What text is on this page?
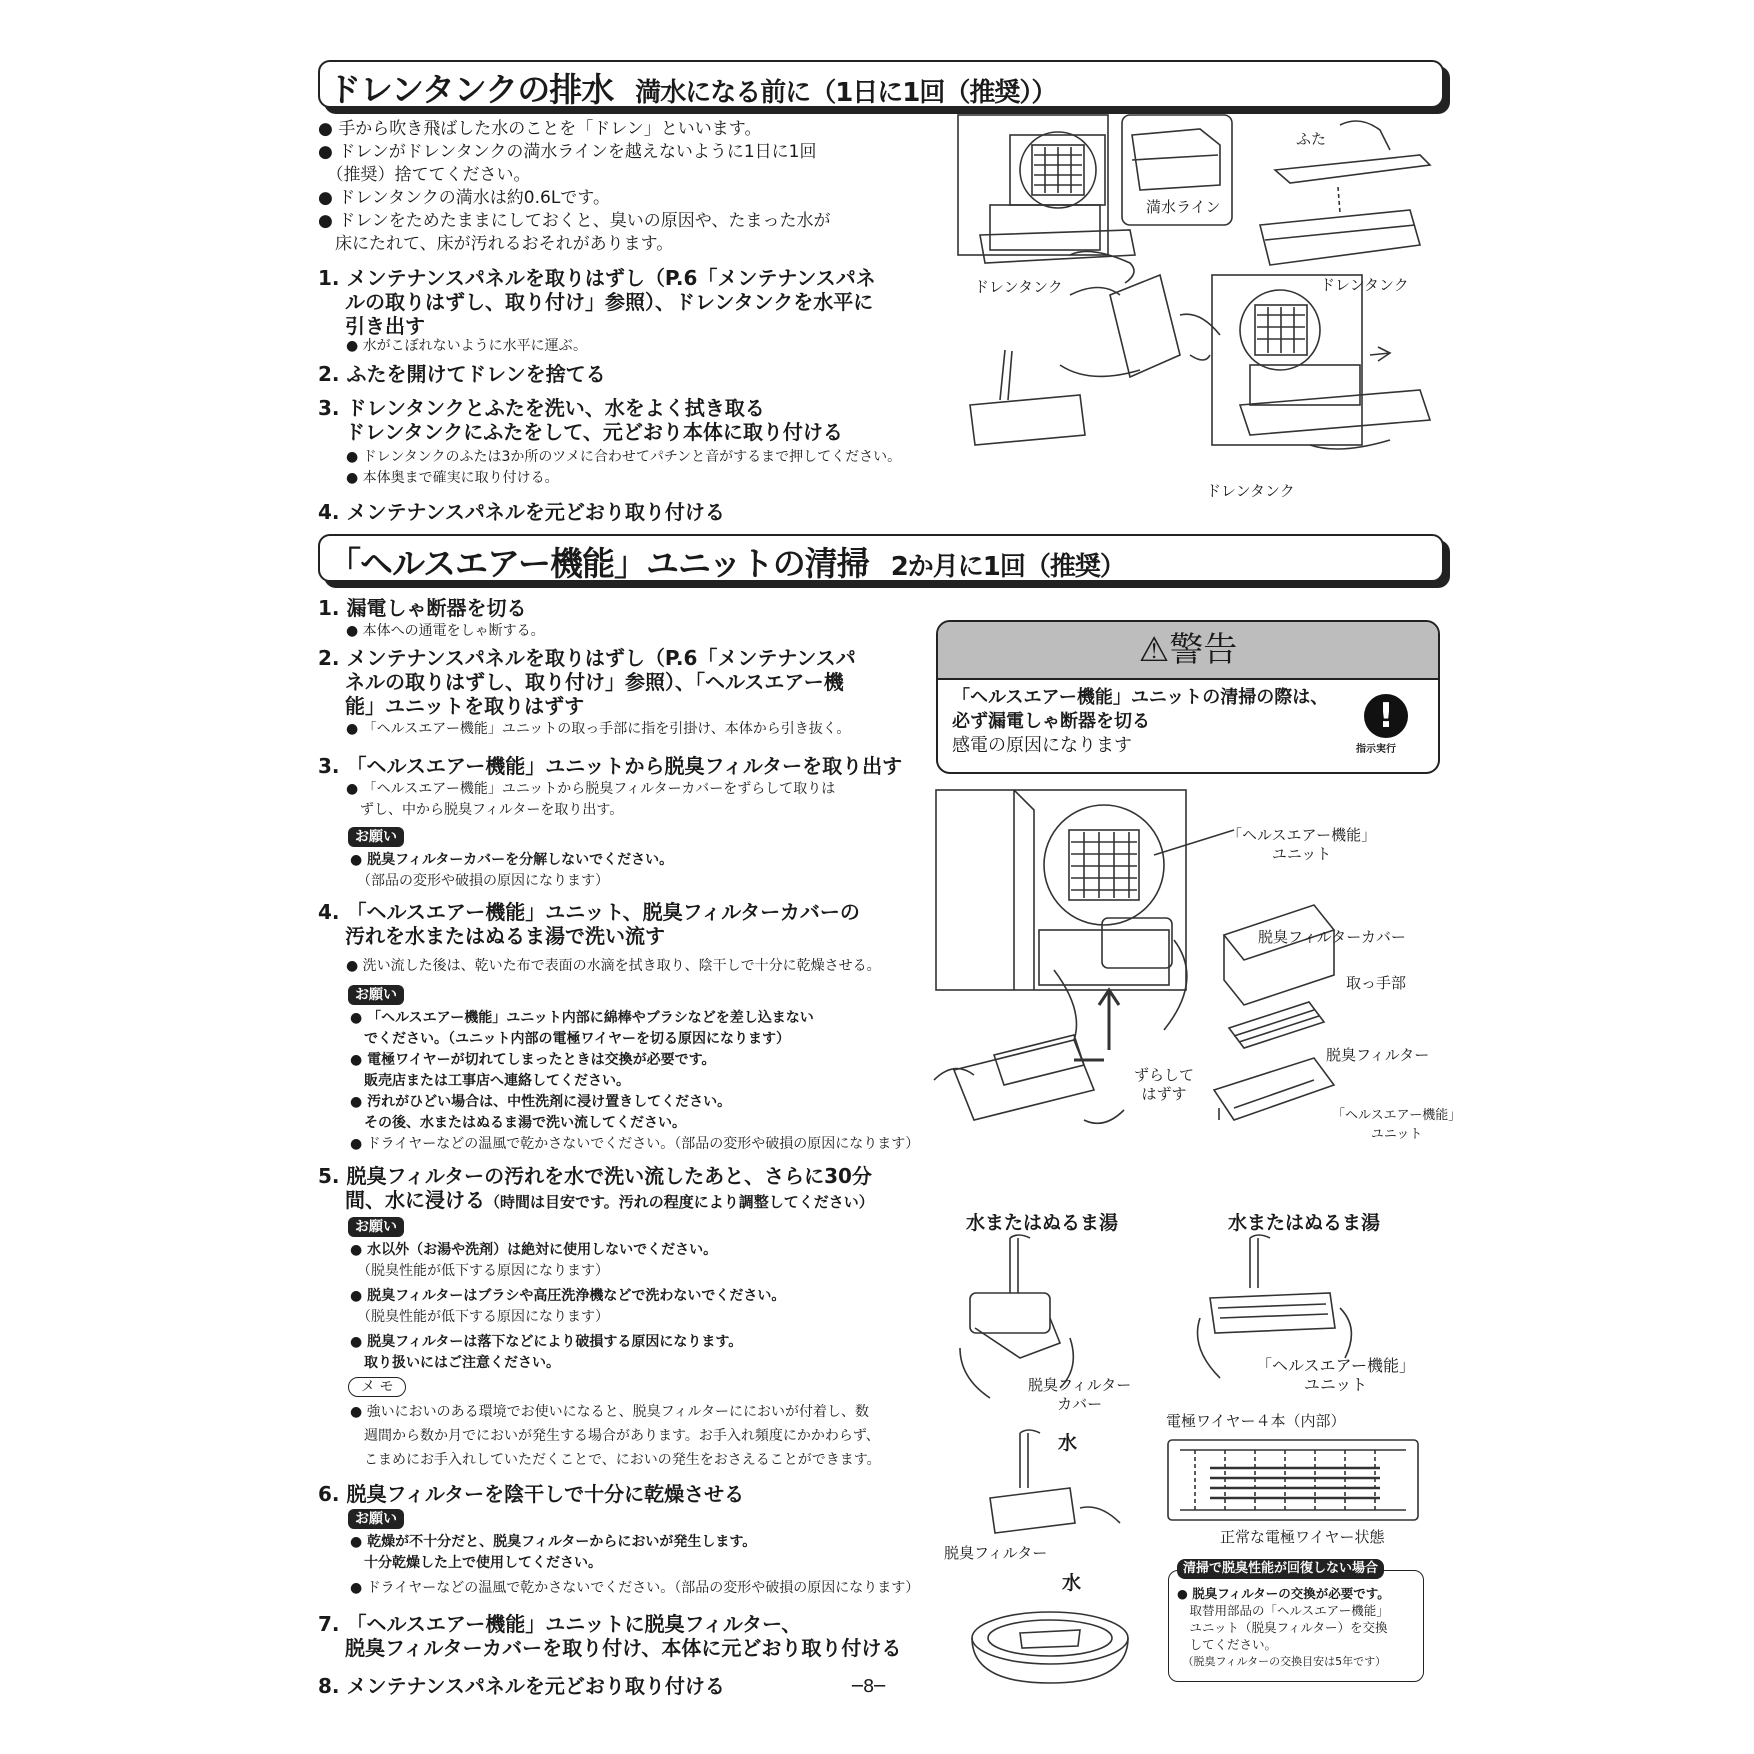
ドレンタンクの排水 満水になる前に（1日に1回（推奨））
● 手から吹き飛ばした水のことを「ドレン」といいます。
● ドレンがドレンタンクの満水ラインを越えないように1日に1回
　（推奨）捨ててください。
● ドレンタンクの満水は約0.6Lです。
● ドレンをためたままにしておくと、臭いの原因や、たまった水が
　床にたれて、床が汚れるおそれがあります。
1. メンテナンスパネルを取りはずし（P.6「メンテナンスパネ
　 ルの取りはずし、取り付け」参照）、ドレンタンクを水平に
　 引き出す
● 水がこぼれないように水平に運ぶ。
2. ふたを開けてドレンを捨てる
3. ドレンタンクとふたを洗い、水をよく拭き取る
　 ドレンタンクにふたをして、元どおり本体に取り付ける
● ドレンタンクのふたは3か所のツメに合わせてパチンと音がするまで押してください。
● 本体奥まで確実に取り付ける。
4. メンテナンスパネルを元どおり取り付ける
ふた
満水ライン
ドレンタンク	ドレンタンク
ドレンタンク
「ヘルスエアー機能」ユニットの清掃 2か月に1回（推奨）
1. 漏電しゃ断器を切る
● 本体への通電をしゃ断する。
2. メンテナンスパネルを取りはずし（P.6「メンテナンスパ
　 ネルの取りはずし、取り付け」参照）、「ヘルスエアー機
　 能」ユニットを取りはずす
● 「ヘルスエアー機能」ユニットの取っ手部に指を引掛け、本体から引き抜く。
3. 「ヘルスエアー機能」ユニットから脱臭フィルターを取り出す
● 「ヘルスエアー機能」ユニットから脱臭フィルターカバーをずらして取りは
　ずし、中から脱臭フィルターを取り出す。
お願い
● 脱臭フィルターカバーを分解しないでください。
　（部品の変形や破損の原因になります）
4. 「ヘルスエアー機能」ユニット、脱臭フィルターカバーの
　 汚れを水またはぬるま湯で洗い流す
● 洗い流した後は、乾いた布で表面の水滴を拭き取り、陰干しで十分に乾燥させる。
お願い
● 「ヘルスエアー機能」ユニット内部に綿棒やブラシなどを差し込まない
　でください。（ユニット内部の電極ワイヤーを切る原因になります）
● 電極ワイヤーが切れてしまったときは交換が必要です。
　販売店または工事店へ連絡してください。
● 汚れがひどい場合は、中性洗剤に浸け置きしてください。
　その後、水またはぬるま湯で洗い流してください。
● ドライヤーなどの温風で乾かさないでください。（部品の変形や破損の原因になります）
5. 脱臭フィルターの汚れを水で洗い流したあと、さらに30分
　 間、水に浸ける（時間は目安です。汚れの程度により調整してください）
お願い
● 水以外（お湯や洗剤）は絶対に使用しないでください。
　（脱臭性能が低下する原因になります）
● 脱臭フィルターはブラシや高圧洗浄機などで洗わないでください。
　（脱臭性能が低下する原因になります）
● 脱臭フィルターは落下などにより破損する原因になります。
　取り扱いにはご注意ください。
メ モ
● 強いにおいのある環境でお使いになると、脱臭フィルターににおいが付着し、数
　週間から数か月でにおいが発生する場合があります。お手入れ頻度にかかわらず、
　こまめにお手入れしていただくことで、においの発生をおさえることができます。
6. 脱臭フィルターを陰干しで十分に乾燥させる
お願い
● 乾燥が不十分だと、脱臭フィルターからにおいが発生します。
　十分乾燥した上で使用してください。
● ドライヤーなどの温風で乾かさないでください。（部品の変形や破損の原因になります）
7. 「ヘルスエアー機能」ユニットに脱臭フィルター、
　 脱臭フィルターカバーを取り付け、本体に元どおり取り付ける
8. メンテナンスパネルを元どおり取り付ける	─8─
⚠警告
「ヘルスエアー機能」ユニットの清掃の際は、
必ず漏電しゃ断器を切る
感電の原因になります
!
指示実行
「ヘルスエアー機能」
ユニット
脱臭フィルターカバー
取っ手部
脱臭フィルター
「ヘルスエアー機能」
ユニット
ずらして
はずす
水またはぬるま湯	水またはぬるま湯
脱臭フィルター
カバー
「ヘルスエアー機能」
ユニット
電極ワイヤー４本（内部）
正常な電極ワイヤー状態
水
脱臭フィルター
水
清掃で脱臭性能が回復しない場合
● 脱臭フィルターの交換が必要です。
　取替用部品の「ヘルスエアー機能」
　ユニット（脱臭フィルター）を交換
　してください。
　（脱臭フィルターの交換目安は5年です）
